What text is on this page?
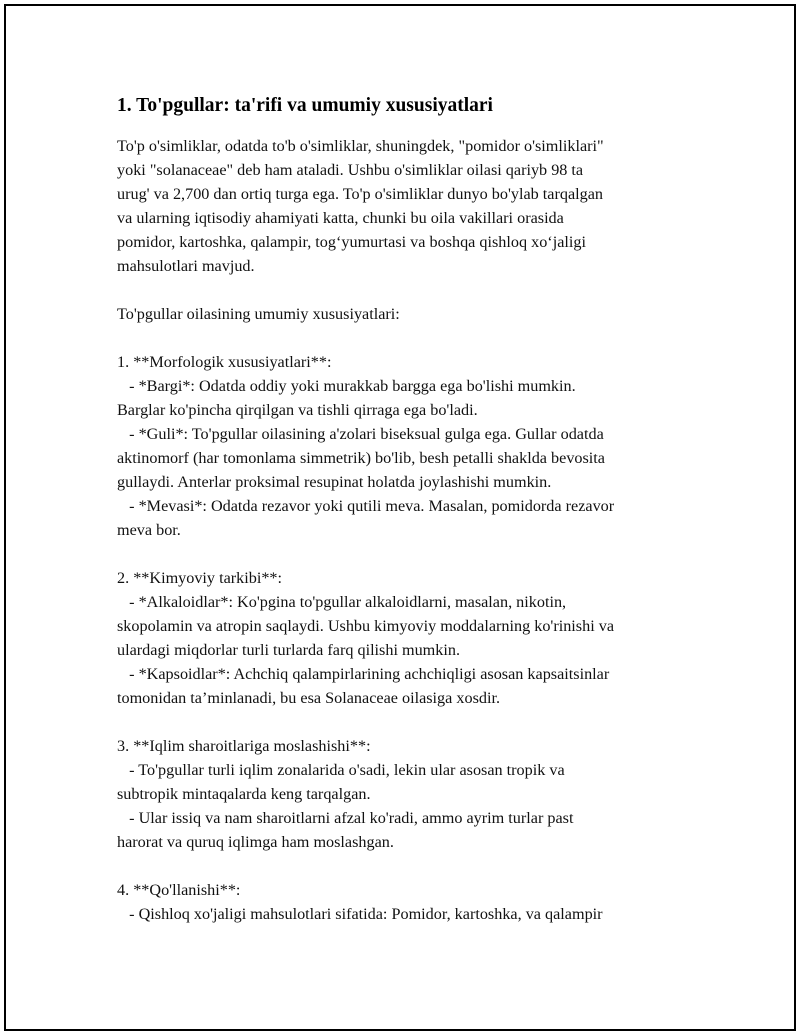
1. To'pgullar: ta'rifi va umumiy xususiyatlari

To'p o'simliklar, odatda to'b o'simliklar, shuningdek, "pomidor o'simliklari"
yoki "solanaceae" deb ham ataladi. Ushbu o'simliklar oilasi qariyb 98 ta
urug' va 2,700 dan ortiq turga ega. To'p o'simliklar dunyo bo'ylab tarqalgan
va ularning iqtisodiy ahamiyati katta, chunki bu oila vakillari orasida
pomidor, kartoshka, qalampir, tog‘yumurtasi va boshqa qishloq xo‘jaligi
mahsulotlari mavjud.

To'pgullar oilasining umumiy xususiyatlari:

1. **Morfologik xususiyatlari**:
- *Bargi*: Odatda oddiy yoki murakkab bargga ega bo'lishi mumkin.
Barglar ko'pincha qirqilgan va tishli qirraga ega bo'ladi.
- *Guli*: To'pgullar oilasining a'zolari biseksual gulga ega. Gullar odatda
aktinomorf (har tomonlama simmetrik) bo'lib, besh petalli shaklda bevosita
gullaydi. Anterlar proksimal resupinat holatda joylashishi mumkin.
- *Mevasi*: Odatda rezavor yoki qutili meva. Masalan, pomidorda rezavor
meva bor.

2. **Kimyoviy tarkibi**:
- *Alkaloidlar*: Ko'pgina to'pgullar alkaloidlarni, masalan, nikotin,
skopolamin va atropin saqlaydi. Ushbu kimyoviy moddalarning ko'rinishi va
ulardagi miqdorlar turli turlarda farq qilishi mumkin.
- *Kapsoidlar*: Achchiq qalampirlarining achchiqligi asosan kapsaitsinlar
tomonidan ta’minlanadi, bu esa Solanaceae oilasiga xosdir.

3. **Iqlim sharoitlariga moslashishi**:
- To'pgullar turli iqlim zonalarida o'sadi, lekin ular asosan tropik va
subtropik mintaqalarda keng tarqalgan.
- Ular issiq va nam sharoitlarni afzal ko'radi, ammo ayrim turlar past
harorat va quruq iqlimga ham moslashgan.

4. **Qo'llanishi**:
- Qishloq xo'jaligi mahsulotlari sifatida: Pomidor, kartoshka, va qalampir
